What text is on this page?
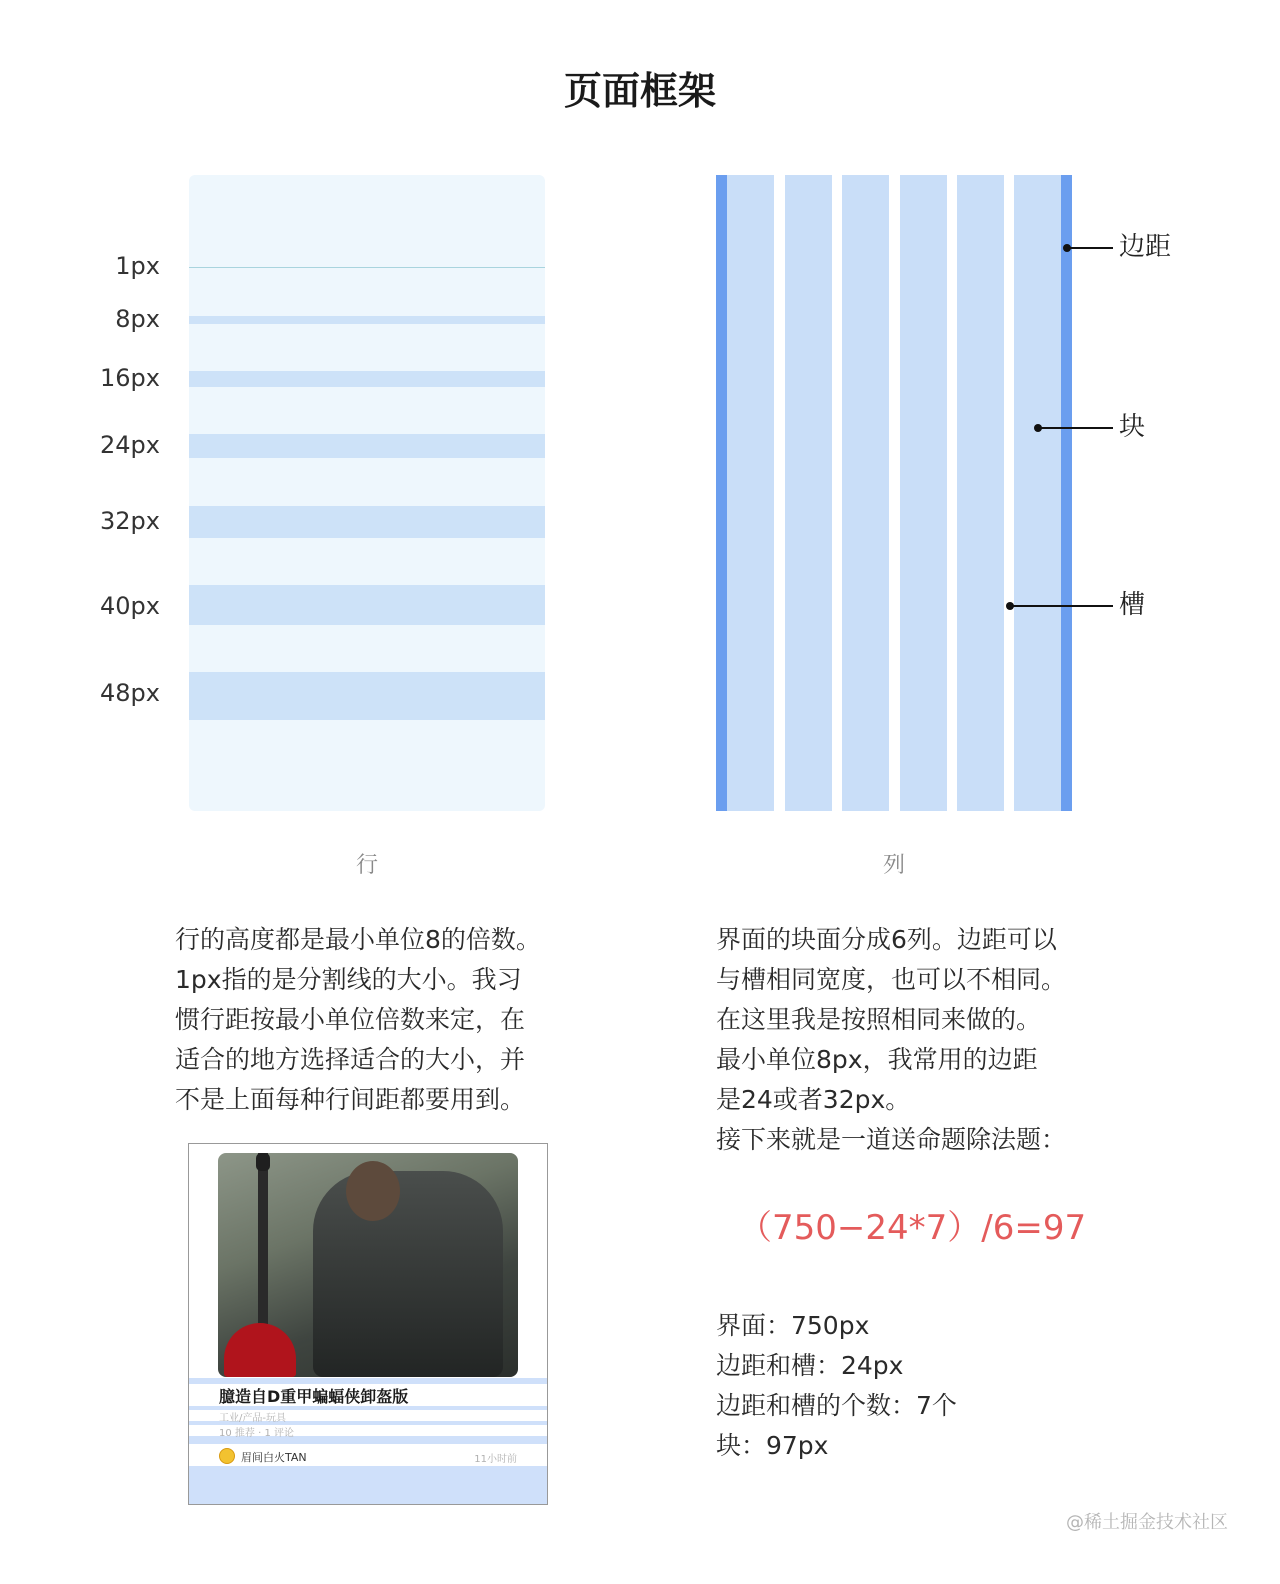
页面框架
1px
8px
16px
24px
32px
40px
48px
行
边距
块
槽
列
行的高度都是最小单位8的倍数。
1px指的是分割线的大小。我习
惯行距按最小单位倍数来定，在
适合的地方选择适合的大小，并
不是上面每种行间距都要用到。
界面的块面分成6列。边距可以
与槽相同宽度，也可以不相同。
在这里我是按照相同来做的。
最小单位8px，我常用的边距
是24或者32px。
接下来就是一道送命题除法题：
（750−24*7）/6=97
界面：750px
边距和槽：24px
边距和槽的个数：7个
块：97px
臆造自D重甲蝙蝠侠卸盔版
工业/产品-玩具
10 推荐 · 1 评论
眉间白火TAN	11小时前
@稀土掘金技术社区
